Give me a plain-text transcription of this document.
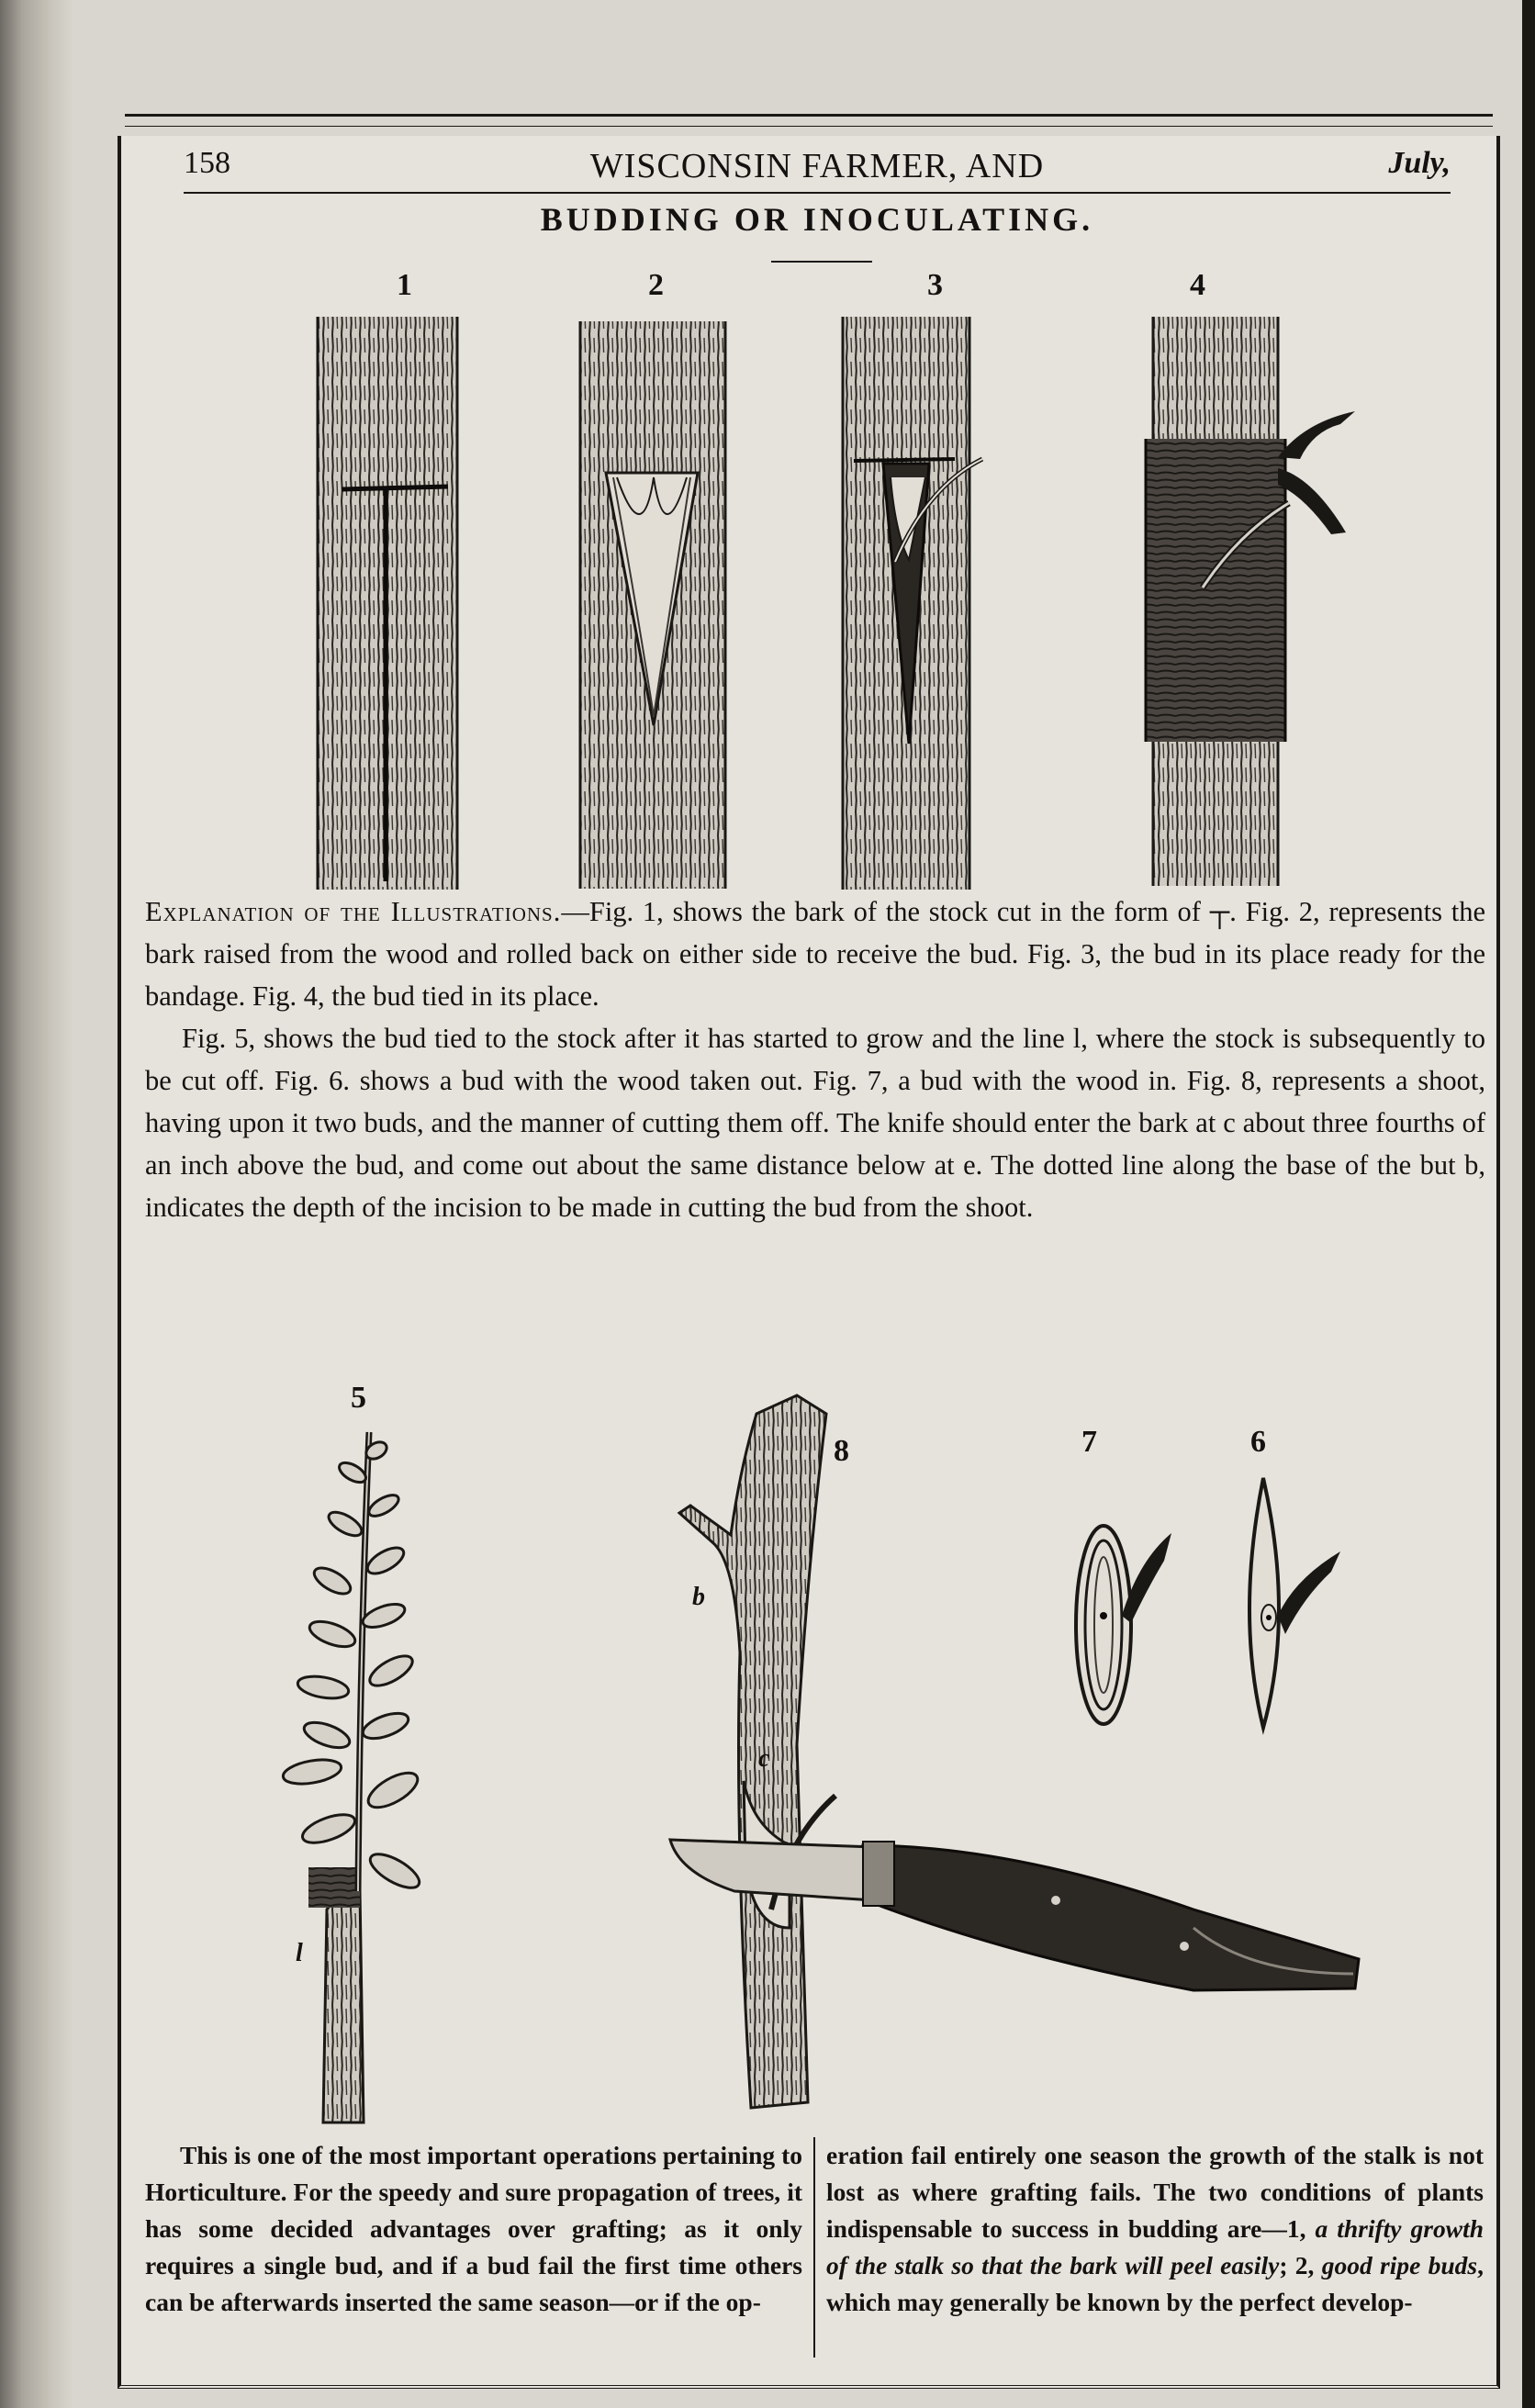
158	WISCONSIN FARMER, AND	July,
BUDDING OR INOCULATING.
1	2	3	4
5
8	7	6
l
b
c

Explanation of the Illustrations.—Fig. 1, shows the bark of the stock cut in the form of ┬. Fig. 2, represents the bark raised from the wood and rolled back on either side to receive the bud. Fig. 3, the bud in its place ready for the bandage. Fig. 4, the bud tied in its place.

Fig. 5, shows the bud tied to the stock after it has started to grow and the line l, where the stock is subsequently to be cut off. Fig. 6. shows a bud with the wood taken out. Fig. 7, a bud with the wood in. Fig. 8, represents a shoot, having upon it two buds, and the manner of cutting them off. The knife should enter the bark at c about three fourths of an inch above the bud, and come out about the same distance below at e. The dotted line along the base of the but b, indicates the depth of the incision to be made in cutting the bud from the shoot.

This is one of the most important operations pertaining to Horticulture. For the speedy and sure propagation of trees, it has some decided advantages over grafting; as it only requires a single bud, and if a bud fail the first time others can be afterwards inserted the same season—or if the op-
eration fail entirely one season the growth of the stalk is not lost as where grafting fails. The two conditions of plants indispensable to success in budding are—1, a thrifty growth of the stalk so that the bark will peel easily; 2, good ripe buds, which may generally be known by the perfect develop-
